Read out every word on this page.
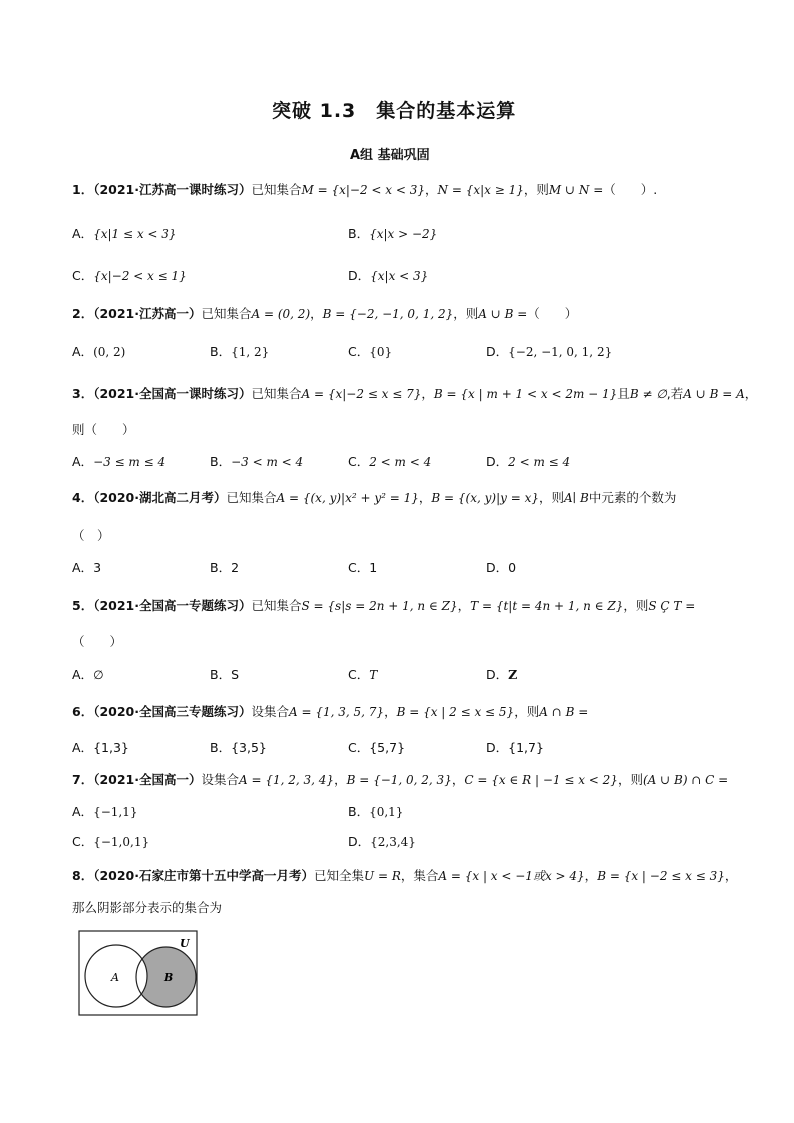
突破 1.3　集合的基本运算
A组 基础巩固
1．（2021·江苏高一课时练习）已知集合M = {x|−2 < x < 3}，N = {x|x ≥ 1}，则M ∪ N =（　　）.
A．{x|1 ≤ x < 3}	B．{x|x > −2}
C．{x|−2 < x ≤ 1}	D．{x|x < 3}
2．（2021·江苏高一）已知集合A = (0, 2)，B = {−2, −1, 0, 1, 2}，则A ∪ B =（　　）
A．(0, 2)	B．{1, 2}	C．{0}	D．{−2, −1, 0, 1, 2}
3．（2021·全国高一课时练习）已知集合A = {x|−2 ≤ x ≤ 7}，B = {x | m + 1 < x < 2m − 1}且B ≠ ∅,若A ∪ B = A，
则（　　）
A．−3 ≤ m ≤ 4	B．−3 < m < 4	C．2 < m < 4	D．2 < m ≤ 4
4．（2020·湖北高二月考）已知集合A = {(x, y)|x² + y² = 1}，B = {(x, y)|y = x}，则A∣ B中元素的个数为
（　）
A．3	B．2	C．1	D．0
5．（2021·全国高一专题练习）已知集合S = {s|s = 2n + 1, n ∈ Z}，T = {t|t = 4n + 1, n ∈ Z}，则S Ç T =
（　　）
A．∅	B．S	C．T	D．Z
6．（2020·全国高三专题练习）设集合A = {1, 3, 5, 7}，B = {x | 2 ≤ x ≤ 5}，则A ∩ B =
A．{1,3}	B．{3,5}	C．{5,7}	D．{1,7}
7．（2021·全国高一）设集合A = {1, 2, 3, 4}，B = {−1, 0, 2, 3}，C = {x ∈ R | −1 ≤ x < 2}，则(A ∪ B) ∩ C =
A．{−1,1}	B．{0,1}
C．{−1,0,1}	D．{2,3,4}
8．（2020·石家庄市第十五中学高一月考）已知全集U = R，集合A = {x | x < −1或x > 4}，B = {x | −2 ≤ x ≤ 3}，
那么阴影部分表示的集合为
U
A	B
